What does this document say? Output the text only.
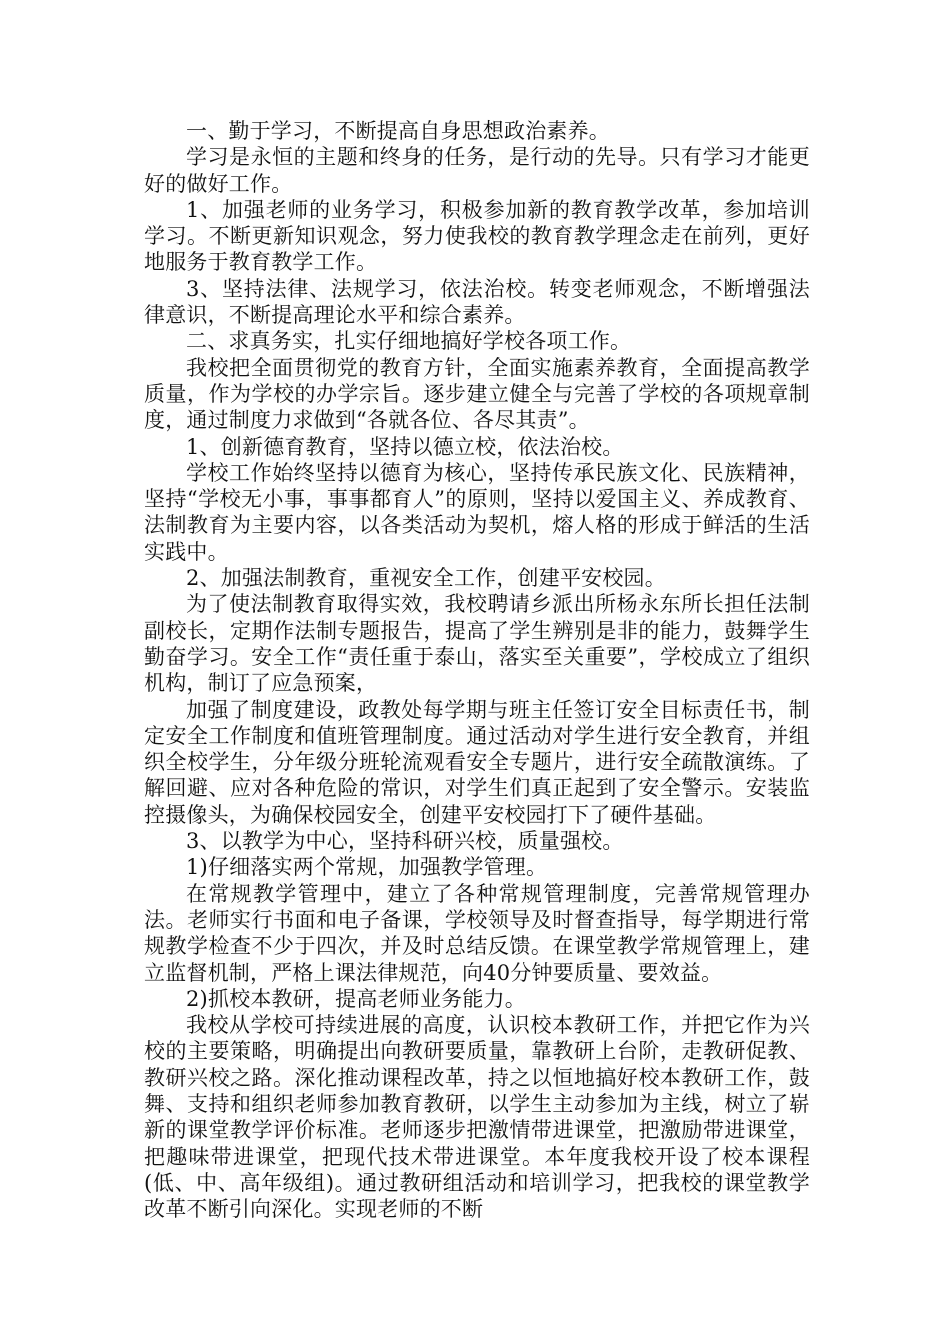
一、勤于学习，不断提高自身思想政治素养。

学习是永恒的主题和终身的任务，是行动的先导。只有学习才能更好的做好工作。

1、加强老师的业务学习，积极参加新的教育教学改革，参加培训学习。不断更新知识观念，努力使我校的教育教学理念走在前列，更好地服务于教育教学工作。

3、坚持法律、法规学习，依法治校。转变老师观念，不断增强法律意识，不断提高理论水平和综合素养。

二、求真务实，扎实仔细地搞好学校各项工作。

我校把全面贯彻党的教育方针，全面实施素养教育，全面提高教学质量，作为学校的办学宗旨。逐步建立健全与完善了学校的各项规章制度，通过制度力求做到“各就各位、各尽其责”。

1、创新德育教育，坚持以德立校，依法治校。

学校工作始终坚持以德育为核心，坚持传承民族文化、民族精神，坚持“学校无小事，事事都育人”的原则，坚持以爱国主义、养成教育、法制教育为主要内容，以各类活动为契机，熔人格的形成于鲜活的生活实践中。

2、加强法制教育，重视安全工作，创建平安校园。

为了使法制教育取得实效，我校聘请乡派出所杨永东所长担任法制副校长，定期作法制专题报告，提高了学生辨别是非的能力，鼓舞学生勤奋学习。安全工作“责任重于泰山，落实至关重要”，学校成立了组织机构，制订了应急预案，

加强了制度建设，政教处每学期与班主任签订安全目标责任书，制定安全工作制度和值班管理制度。通过活动对学生进行安全教育，并组织全校学生，分年级分班轮流观看安全专题片，进行安全疏散演练。了解回避、应对各种危险的常识，对学生们真正起到了安全警示。安装监控摄像头，为确保校园安全，创建平安校园打下了硬件基础。

3、以教学为中心，坚持科研兴校，质量强校。

1)仔细落实两个常规，加强教学管理。

在常规教学管理中，建立了各种常规管理制度，完善常规管理办法。老师实行书面和电子备课，学校领导及时督查指导，每学期进行常规教学检查不少于四次，并及时总结反馈。在课堂教学常规管理上，建立监督机制，严格上课法律规范，向40分钟要质量、要效益。

2)抓校本教研，提高老师业务能力。

我校从学校可持续进展的高度，认识校本教研工作，并把它作为兴校的主要策略，明确提出向教研要质量，靠教研上台阶，走教研促教、教研兴校之路。深化推动课程改革，持之以恒地搞好校本教研工作，鼓舞、支持和组织老师参加教育教研，以学生主动参加为主线，树立了崭新的课堂教学评价标准。老师逐步把激情带进课堂，把激励带进课堂，把趣味带进课堂，把现代技术带进课堂。本年度我校开设了校本课程(低、中、高年级组)。通过教研组活动和培训学习，把我校的课堂教学改革不断引向深化。实现老师的不断
